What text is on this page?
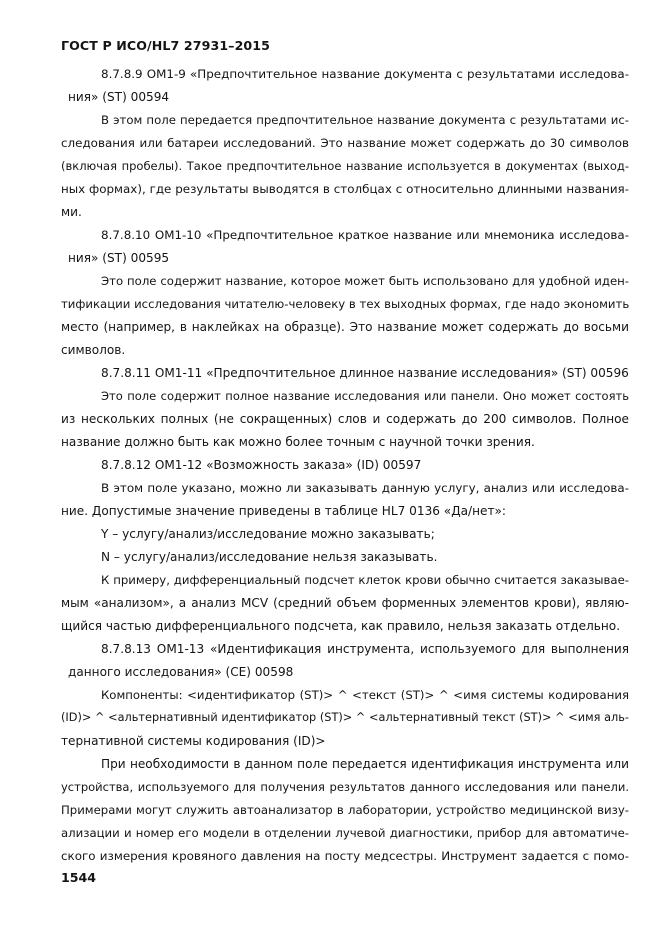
ГОСТ Р ИСО/HL7 27931–2015
8.7.8.9 OM1-9 «Предпочтительное название документа с результатами исследова-
ния» (ST) 00594
В этом поле передается предпочтительное название документа с результатами ис-
следования или батареи исследований. Это название может содержать до 30 символов
(включая пробелы). Такое предпочтительное название используется в документах (выход-
ных формах), где результаты выводятся в столбцах с относительно длинными названия-
ми.
8.7.8.10 OM1-10 «Предпочтительное краткое название или мнемоника исследова-
ния» (ST) 00595
Это поле содержит название, которое может быть использовано для удобной иден-
тификации исследования читателю-человеку в тех выходных формах, где надо экономить
место (например, в наклейках на образце). Это название может содержать до восьми
символов.
8.7.8.11 OM1-11 «Предпочтительное длинное название исследования» (ST) 00596
Это поле содержит полное название исследования или панели. Оно может состоять
из нескольких полных (не сокращенных) слов и содержать до 200 символов. Полное
название должно быть как можно более точным с научной точки зрения.
8.7.8.12 OM1-12 «Возможность заказа» (ID) 00597
В этом поле указано, можно ли заказывать данную услугу, анализ или исследова-
ние. Допустимые значение приведены в таблице HL7 0136 «Да/нет»:
Y – услугу/анализ/исследование можно заказывать;
N – услугу/анализ/исследование нельзя заказывать.
К примеру, дифференциальный подсчет клеток крови обычно считается заказывае-
мым «анализом», а анализ MCV (средний объем форменных элементов крови), являю-
щийся частью дифференциального подсчета, как правило, нельзя заказать отдельно.
8.7.8.13 OM1-13 «Идентификация инструмента, используемого для выполнения
данного исследования» (CE) 00598
Компоненты: <идентификатор (ST)> ^ <текст (ST)> ^ <имя системы кодирования
(ID)> ^ <альтернативный идентификатор (ST)> ^ <альтернативный текст (ST)> ^ <имя аль-
тернативной системы кодирования (ID)>
При необходимости в данном поле передается идентификация инструмента или
устройства, используемого для получения результатов данного исследования или панели.
Примерами могут служить автоанализатор в лаборатории, устройство медицинской визу-
ализации и номер его модели в отделении лучевой диагностики, прибор для автоматиче-
ского измерения кровяного давления на посту медсестры. Инструмент задается с помо-
1544
